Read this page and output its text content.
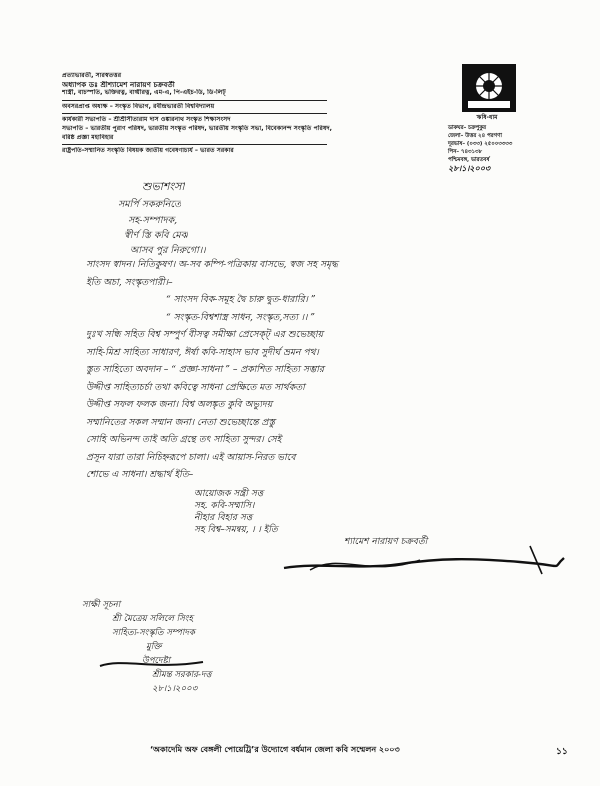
প্রত্যাভারতী, সারস্বতত্তর
অধ্যাপক ডঃ শ্রীশ্যামেশ নারায়ণ চক্রবর্তী
শাস্ত্রী, বাচস্পতি, ভক্তিরত্ন, বাগ্মীরত্ন, এম-এ, পি-এইচ-ডি, ডি-লিট্
অবসরপ্রাপ্ত অধ্যক্ষ – সংস্কৃত বিভাগ, রবীন্দ্রভারতী বিশ্ববিদ্যালয়
কার্যকারী সভাপতি – শ্রীশ্রীসীতারাম দাস ওঙ্কারনাথ সংস্কৃত শিক্ষাসংসদ
সভাপতি – ভারতীয় পুরাণ পরিষদ, ভারতীয় সংস্কৃত পরিষদ, ভারতীয় সংস্কৃতি সভা, বিবেকানন্দ সংস্কৃতি পরিষদ,
বরিষ্ঠ প্রজ্ঞা মহাবিহার
রাষ্ট্রপতি-সম্মানিত সংস্কৃতি বিষয়ক জাতীয় গবেষণাচার্য – ভারত সরকার
ঋষি-ধাম
ডাকঘর– চক্রপুকুর
জেলা– উত্তর ২৪ পরগণা
দূরভাষ– (০৩৩) ২৫০০৩৩৩৩
পিন– ৭৪৩১৩৮
পশ্চিমবঙ্গ, ভারতবর্ষ
২৮।১।২০০৩
শুভাশংসা
সমর্পি সকরুনিতে
সহ-সম্পাদক,
স্বীর্ণ স্তি কবি মেঝ
আসব পুর নিরুগো।।
সাংসদ স্বাদন। নিতিকুষণ। অ-সব কম্পি-পত্রিকায় বাসভে, স্বজ সহ সমৃদ্ধ
ইতি অচা, সংস্কৃতপারী।–
“ সাংসদ বিক-সমূহ দ্বৈ চারু দ্বুত-ধারারি। ”
“ সংস্কৃত-বিশ্বশাস্ত্র সাধন, সংস্কৃত,সত্য ।। ”
দুঃখ সন্ধি সহিত বিশ্ব সম্পুৰ্ণ বীসত্ব সমীক্ষা প্রেসেক্ট্ এর শুভেচ্ছায়
সাহি-মিশ্র সাহিত্য সাধারণ, ঈর্ষা কবি-সাহাস ভাব সুদীর্ঘ ভ্রমন পথ।
স্তুত সাহিত্যে অবদান – “ প্রজ্ঞা-সাধনা ” – প্রকাশিত সাহিত্য সম্ভার
উদ্দীপ্ত সাহিত্যচর্চা তথা কবিত্বে সাধনা প্রেক্ষিতে মত সার্থকতা
উদ্দীপ্ত সফল ফলক জনা। বিশ্ব অলঙ্কৃত কুবি অভ্যুদয়
সম্মানিতের সকল সম্মান জনা। নেতা শুভেচ্ছান্তে প্রস্তু
সোহি অভিনন্দ তাই অতি গ্রন্থে তৎ সাহিত্য সুন্দর। সেই
প্রসূন যারা তারা নিচিহ্নরূপে চালা। এই আয়াস-নিরত ভাবে
শোভে এ সাধনা। শ্রদ্ধার্থ ইতি–
আয়োজক সন্ত্রী সত্ত
সহ. কবি-সম্মাসি।
নীহার বিহার সত্ত
সহ বিশ্ব–সমন্বয়, । । ইতি
শ্যামেশ নারায়ণ চক্রবর্তী
সাক্ষী সূচনা
শ্রী মৈত্রেয় সলিলে সিংহ
সাহিত্য-সংস্কৃতি সম্পাদক
মুক্তি
উপদেষ্টা
শ্রীমন্ত সরকার-দত্ত
২৮।১।২০০৩
‘অকাদেমি অফ বেঙ্গলী পোয়েট্রি’র উদ্যোগে বর্ধমান জেলা কবি সম্মেলন ২০০৩	১১
